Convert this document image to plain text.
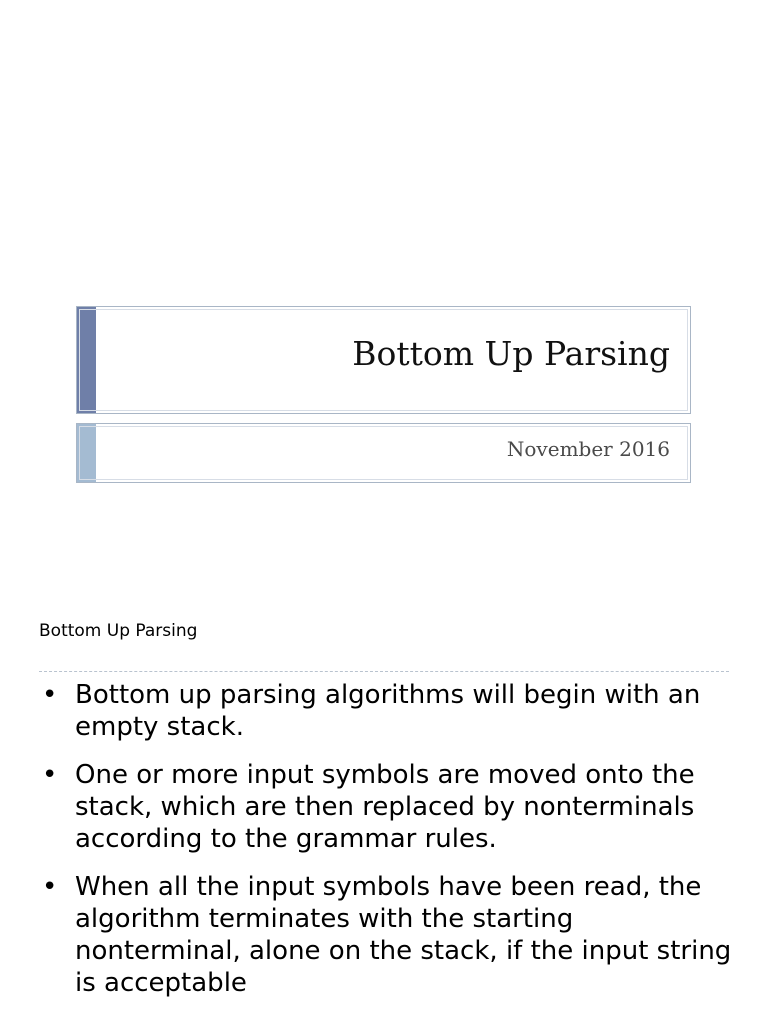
Bottom Up Parsing
November 2016
Bottom Up Parsing
• Bottom up parsing algorithms will begin with an empty stack.
• One or more input symbols are moved onto the stack, which are then replaced by nonterminals according to the grammar rules.
• When all the input symbols have been read, the algorithm terminates with the starting nonterminal, alone on the stack, if the input string is acceptable
